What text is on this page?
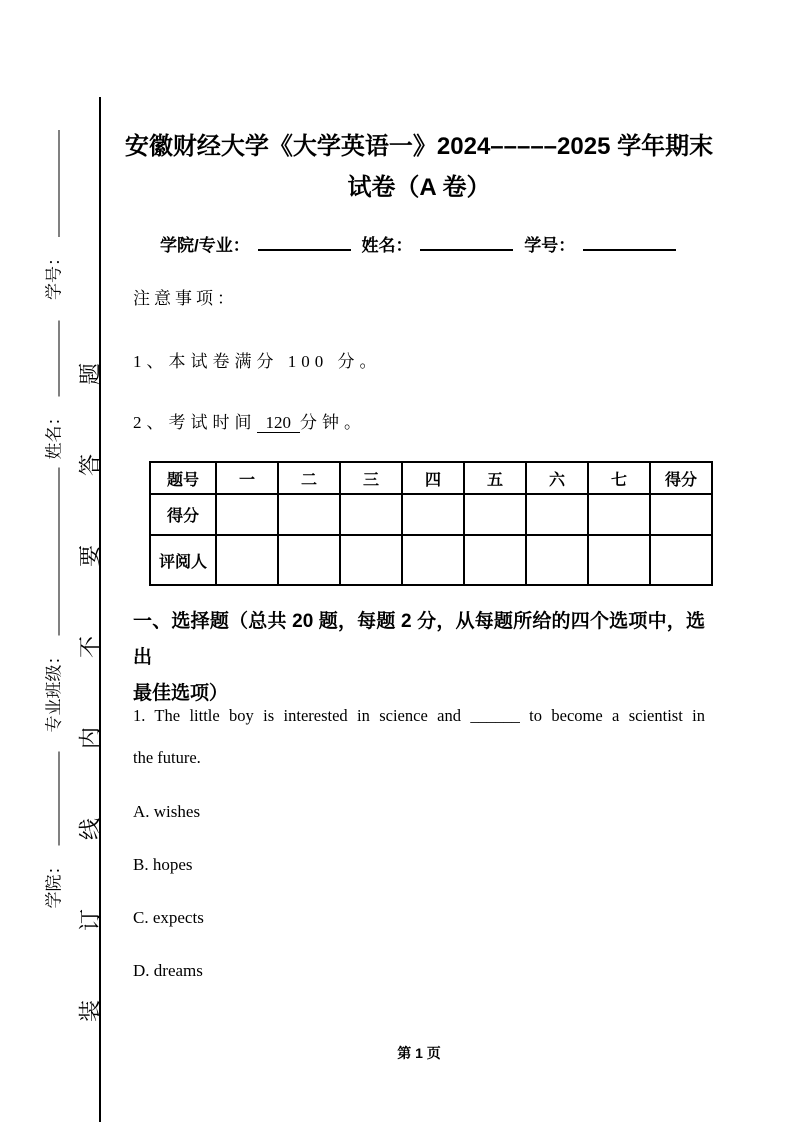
学号：
姓名：
专业班级：
学院： 装订线内不要答题
安徽财经大学《大学英语一》2024–––––2025 学年期末
试卷（A 卷）
学院/专业：	姓名：	学号：
注意事项：
1、本试卷满分 100 分。
2、考试时间 120 分钟。
题号	一	二	三	四	五	六	七	得分
得分								
评阅人								
一、选择题（总共 20 题，每题 2 分，从每题所给的四个选项中，选出
最佳选项）
1. The little boy is interested in science and ______ to become a scientist in
the future.
A. wishes
B. hopes
C. expects
D. dreams
第 1 页
